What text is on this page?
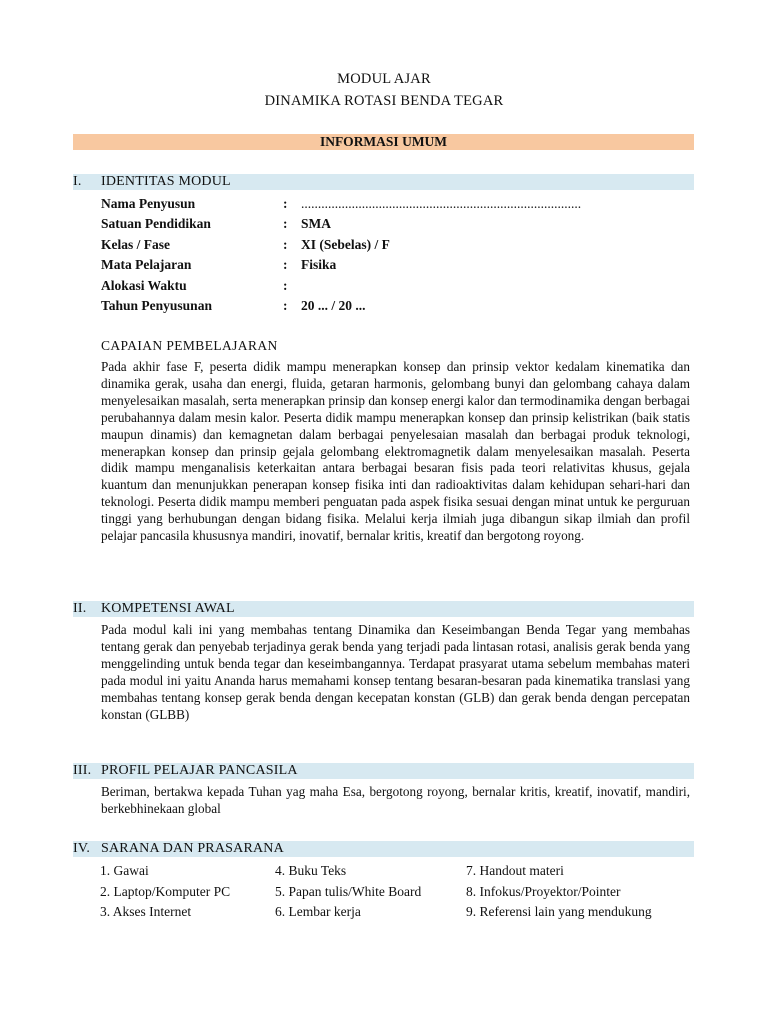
MODUL AJAR
DINAMIKA ROTASI BENDA TEGAR
INFORMASI UMUM
I. IDENTITAS MODUL
Nama Penyusun	: ...................................................................................
Satuan Pendidikan	: SMA
Kelas / Fase	: XI (Sebelas) / F
Mata Pelajaran	: Fisika
Alokasi Waktu	:
Tahun Penyusunan	: 20 ... / 20 ...
CAPAIAN PEMBELAJARAN
Pada akhir fase F, peserta didik mampu menerapkan konsep dan prinsip vektor kedalam kinematika dan dinamika gerak, usaha dan energi, fluida, getaran harmonis, gelombang bunyi dan gelombang cahaya dalam menyelesaikan masalah, serta menerapkan prinsip dan konsep energi kalor dan termodinamika dengan berbagai perubahannya dalam mesin kalor. Peserta didik mampu menerapkan konsep dan prinsip kelistrikan (baik statis maupun dinamis) dan kemagnetan dalam berbagai penyelesaian masalah dan berbagai produk teknologi, menerapkan konsep dan prinsip gejala gelombang elektromagnetik dalam menyelesaikan masalah. Peserta didik mampu menganalisis keterkaitan antara berbagai besaran fisis pada teori relativitas khusus, gejala kuantum dan menunjukkan penerapan konsep fisika inti dan radioaktivitas dalam kehidupan sehari-hari dan teknologi. Peserta didik mampu memberi penguatan pada aspek fisika sesuai dengan minat untuk ke perguruan tinggi yang berhubungan dengan bidang fisika. Melalui kerja ilmiah juga dibangun sikap ilmiah dan profil pelajar pancasila khususnya mandiri, inovatif, bernalar kritis, kreatif dan bergotong royong.
II. KOMPETENSI AWAL
Pada modul kali ini yang membahas tentang Dinamika dan Keseimbangan Benda Tegar yang membahas tentang gerak dan penyebab terjadinya gerak benda yang terjadi pada lintasan rotasi, analisis gerak benda yang menggelinding untuk benda tegar dan keseimbangannya. Terdapat prasyarat utama sebelum membahas materi pada modul ini yaitu Ananda harus memahami konsep tentang besaran-besaran pada kinematika translasi yang membahas tentang konsep gerak benda dengan kecepatan konstan (GLB) dan gerak benda dengan percepatan konstan (GLBB)
III. PROFIL PELAJAR PANCASILA
Beriman, bertakwa kepada Tuhan yag maha Esa, bergotong royong, bernalar kritis, kreatif, inovatif, mandiri, berkebhinekaan global
IV. SARANA DAN PRASARANA
1. Gawai
2. Laptop/Komputer PC
3. Akses Internet
4. Buku Teks
5. Papan tulis/White Board
6. Lembar kerja
7. Handout materi
8. Infokus/Proyektor/Pointer
9. Referensi lain yang mendukung
